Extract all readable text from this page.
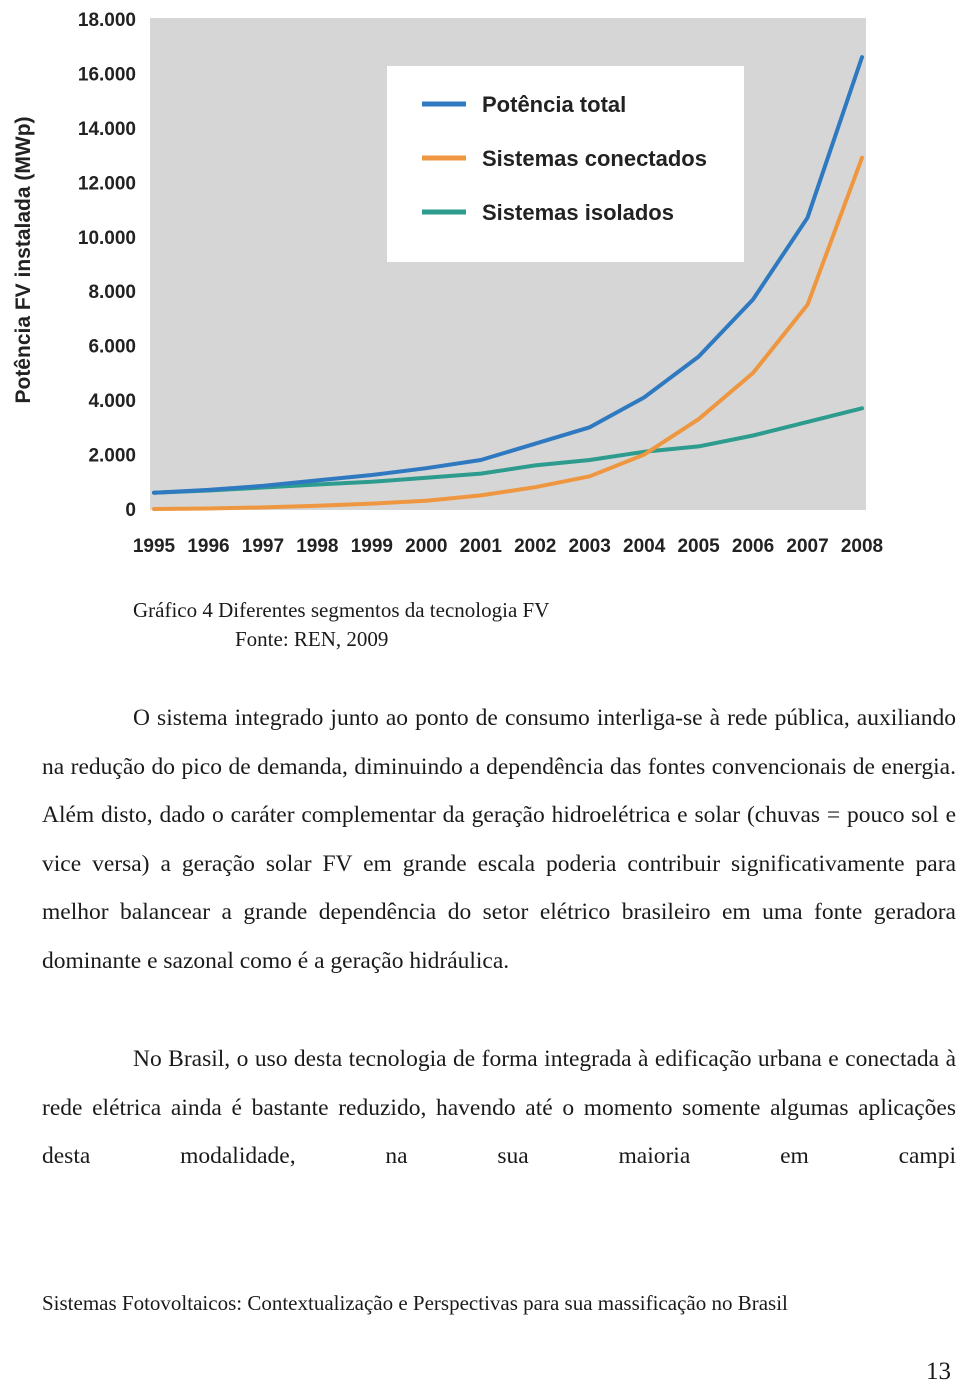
0
2.000
4.000
6.000
8.000
10.000
12.000
14.000
16.000
18.000
1995 1996 1997 1998 1999 2000 2001 2002 2003 2004 2005 2006 2007 2008
Potência total
Sistemas conectados
Sistemas isolados
Potência FV instalada (MWp)

Gráfico 4 Diferentes segmentos da tecnologia FV

Fonte: REN, 2009

O sistema integrado junto ao ponto de consumo interliga-se à rede pública, auxiliando na redução do pico de demanda, diminuindo a dependência das fontes convencionais de energia. Além disto, dado o caráter complementar da geração hidroelétrica e solar (chuvas = pouco sol e vice versa) a geração solar FV em grande escala poderia contribuir significativamente para melhor balancear a grande dependência do setor elétrico brasileiro em uma fonte geradora dominante e sazonal como é a geração hidráulica.

No Brasil, o uso desta tecnologia de forma integrada à edificação urbana e conectada à rede elétrica ainda é bastante reduzido, havendo até o momento somente algumas aplicações desta modalidade, na sua maioria em campi

Sistemas Fotovoltaicos: Contextualização e Perspectivas para sua massificação no Brasil

13
